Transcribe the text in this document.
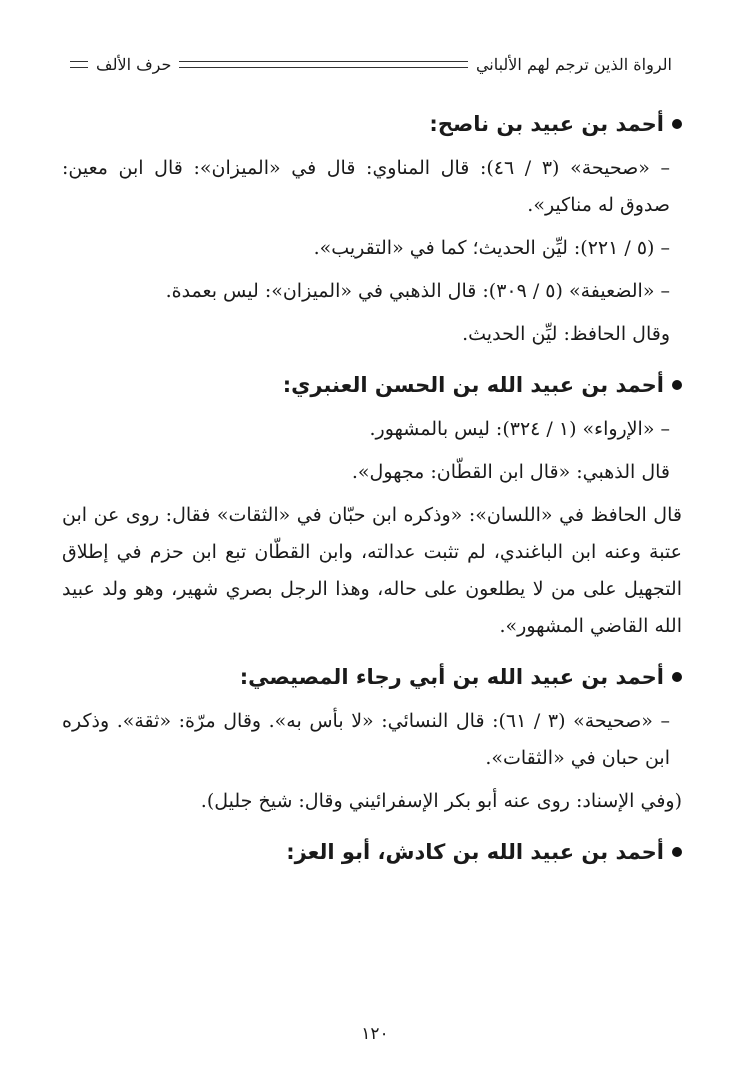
الرواة الذين ترجم لهم الألباني
حرف الألف
أحمد بن عبيد بن ناصح:

– «صحيحة» (٣ / ٤٦): قال المناوي: قال في «الميزان»: قال ابن معين: صدوق له مناكير».

– (٥ / ٢٢١): ليِّن الحديث؛ كما في «التقريب».

– «الضعيفة» (٥ / ٣٠٩): قال الذهبي في «الميزان»: ليس بعمدة.

وقال الحافظ: ليِّن الحديث.

أحمد بن عبيد الله بن الحسن العنبري:

– «الإرواء» (١ / ٣٢٤): ليس بالمشهور.

قال الذهبي: «قال ابن القطّان: مجهول».

قال الحافظ في «اللسان»: «وذكره ابن حبّان في «الثقات» فقال: روى عن ابن عتبة وعنه ابن الباغندي، لم تثبت عدالته، وابن القطّان تبع ابن حزم في إطلاق التجهيل على من لا يطلعون على حاله، وهذا الرجل بصري شهير، وهو ولد عبيد الله القاضي المشهور».

أحمد بن عبيد الله بن أبي رجاء المصيصي:

– «صحيحة» (٣ / ٦١): قال النسائي: «لا بأس به». وقال مرّة: «ثقة». وذكره ابن حبان في «الثقات».

(وفي الإسناد: روى عنه أبو بكر الإسفرائيني وقال: شيخ جليل).

أحمد بن عبيد الله بن كادش، أبو العز:
١٢٠
